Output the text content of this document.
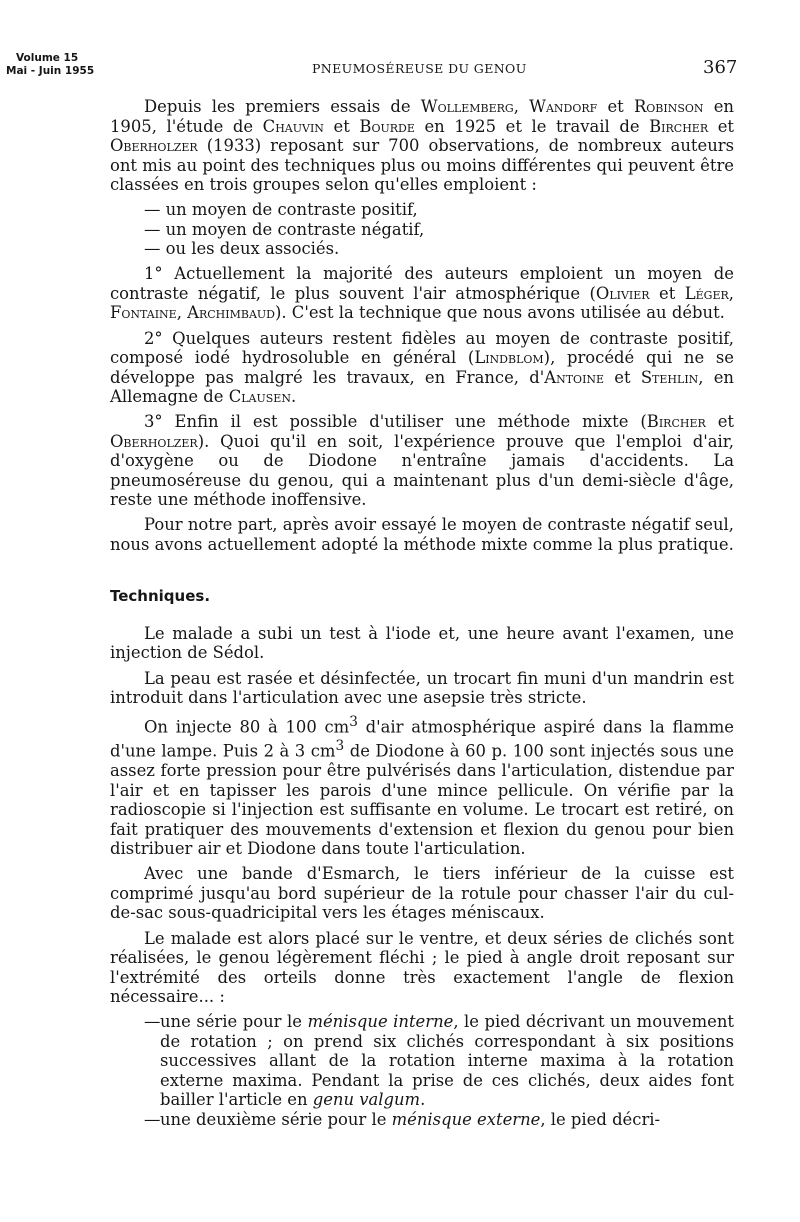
Volume 15
Mai - Juin 1955	PNEUMOSÉREUSE DU GENOU	367

Depuis les premiers essais de Wollemberg, Wandorf et Robinson en 1905, l'étude de Chauvin et Bourde en 1925 et le travail de Bircher et Oberholzer (1933) reposant sur 700 observations, de nombreux auteurs ont mis au point des techniques plus ou moins différentes qui peuvent être classées en trois groupes selon qu'elles emploient :

— un moyen de contraste positif,
— un moyen de contraste négatif,
— ou les deux associés.

1° Actuellement la majorité des auteurs emploient un moyen de contraste négatif, le plus souvent l'air atmosphérique (Olivier et Léger, Fontaine, Archimbaud). C'est la technique que nous avons utilisée au début.

2° Quelques auteurs restent fidèles au moyen de contraste positif, composé iodé hydrosoluble en général (Lindblom), procédé qui ne se développe pas malgré les travaux, en France, d'Antoine et Stehlin, en Allemagne de Clausen.

3° Enfin il est possible d'utiliser une méthode mixte (Bircher et Oberholzer). Quoi qu'il en soit, l'expérience prouve que l'emploi d'air, d'oxygène ou de Diodone n'entraîne jamais d'accidents. La pneumoséreuse du genou, qui a maintenant plus d'un demi-siècle d'âge, reste une méthode inoffensive.

Pour notre part, après avoir essayé le moyen de contraste négatif seul, nous avons actuellement adopté la méthode mixte comme la plus pratique.

Techniques.

Le malade a subi un test à l'iode et, une heure avant l'examen, une injection de Sédol.

La peau est rasée et désinfectée, un trocart fin muni d'un mandrin est introduit dans l'articulation avec une asepsie très stricte.

On injecte 80 à 100 $cm^3$ d'air atmosphérique aspiré dans la flamme d'une lampe. Puis 2 à 3 $cm^3$ de Diodone à 60 p. 100 sont injectés sous une assez forte pression pour être pulvérisés dans l'articulation, distendue par l'air et en tapisser les parois d'une mince pellicule. On vérifie par la radioscopie si l'injection est suffisante en volume. Le trocart est retiré, on fait pratiquer des mouvements d'extension et flexion du genou pour bien distribuer air et Diodone dans toute l'articulation.

Avec une bande d'Esmarch, le tiers inférieur de la cuisse est comprimé jusqu'au bord supérieur de la rotule pour chasser l'air du cul-de-sac sous-quadricipital vers les étages méniscaux.

Le malade est alors placé sur le ventre, et deux séries de clichés sont réalisées, le genou légèrement fléchi ; le pied à angle droit reposant sur l'extrémité des orteils donne très exactement l'angle de flexion nécessaire... :

— une série pour le ménisque interne, le pied décrivant un mouvement de rotation ; on prend six clichés correspondant à six positions successives allant de la rotation interne maxima à la rotation externe maxima. Pendant la prise de ces clichés, deux aides font bailler l'article en genu valgum.
— une deuxième série pour le ménisque externe, le pied décri-
